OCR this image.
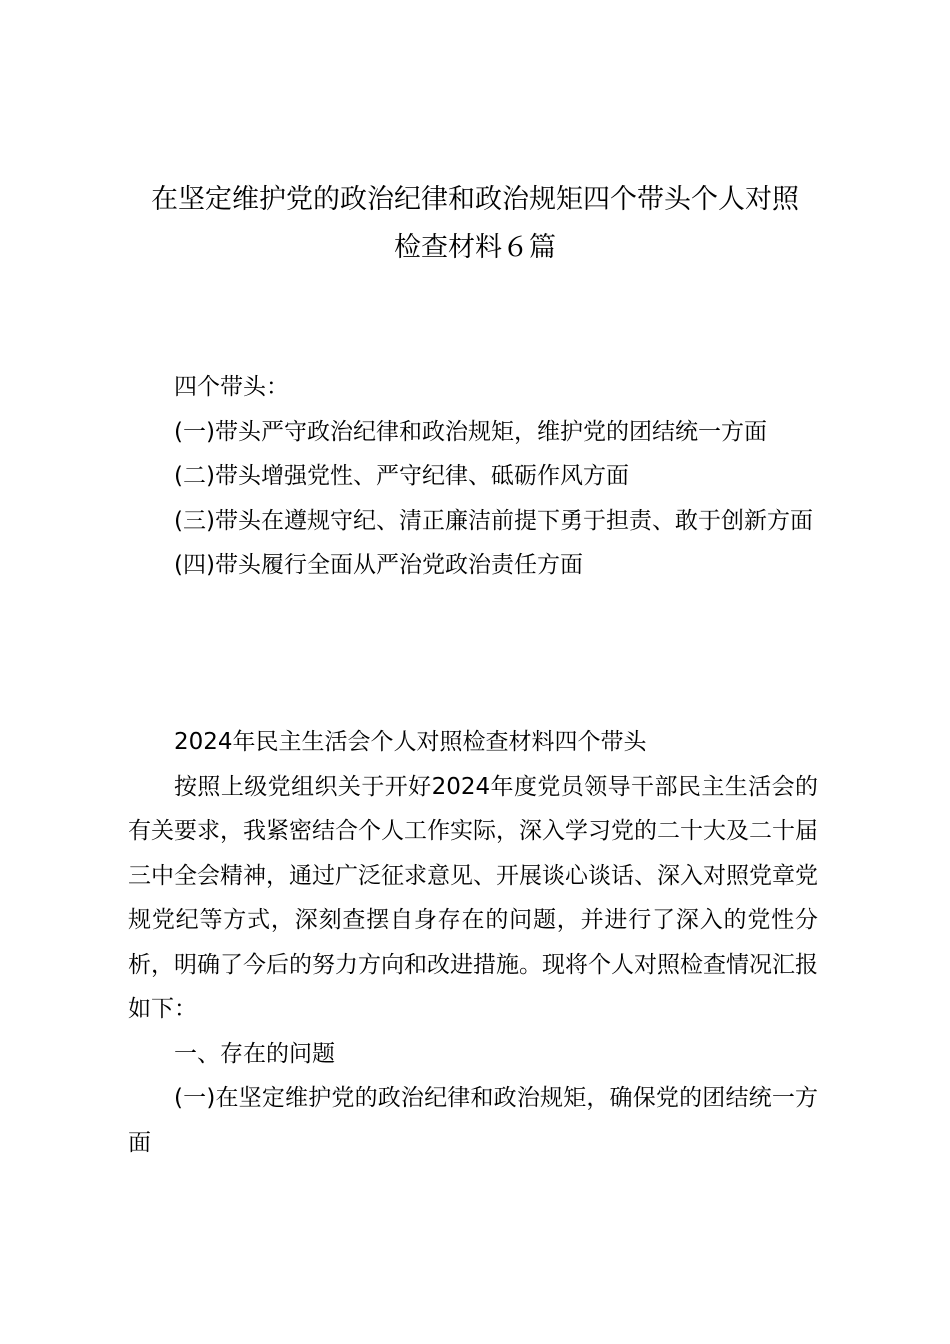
在坚定维护党的政治纪律和政治规矩四个带头个人对照
检查材料６篇
四个带头：
(一)带头严守政治纪律和政治规矩，维护党的团结统一方面
(二)带头增强党性、严守纪律、砥砺作风方面
(三)带头在遵规守纪、清正廉洁前提下勇于担责、敢于创新方面
(四)带头履行全面从严治党政治责任方面
2024年民主生活会个人对照检查材料四个带头
按照上级党组织关于开好2024年度党员领导干部民主生活会的有关要求，我紧密结合个人工作实际，深入学习党的二十大及二十届三中全会精神，通过广泛征求意见、开展谈心谈话、深入对照党章党规党纪等方式，深刻查摆自身存在的问题，并进行了深入的党性分析，明确了今后的努力方向和改进措施。现将个人对照检查情况汇报如下：
一、存在的问题
(一)在坚定维护党的政治纪律和政治规矩，确保党的团结统一方面
